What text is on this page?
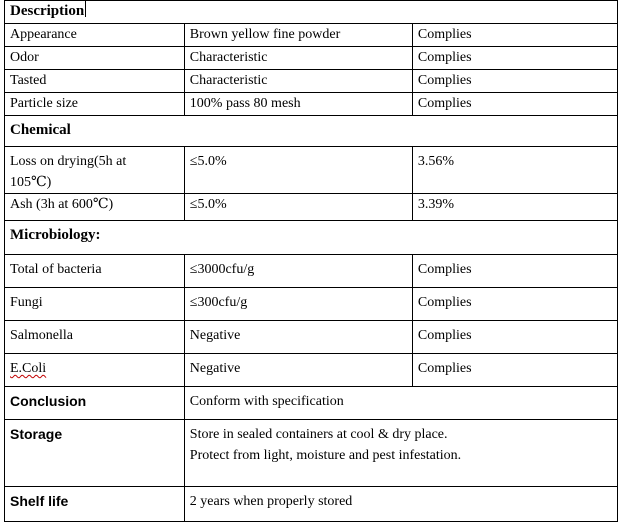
Description		
Appearance	Brown yellow fine powder	Complies
Odor	Characteristic	Complies
Tasted	Characteristic	Complies
Particle size	100% pass 80 mesh	Complies
Chemical		
Loss on drying(5h at
105℃)	≤5.0%	3.56%
Ash (3h at 600℃)	≤5.0%	3.39%
Microbiology:		
Total of bacteria	≤3000cfu/g	Complies
Fungi	≤300cfu/g	Complies
Salmonella	Negative	Complies
E.Coli	Negative	Complies
Conclusion	Conform with specification	
Storage	Store in sealed containers at cool & dry place.
Protect from light, moisture and pest infestation.	
Shelf life	2 years when properly stored	
